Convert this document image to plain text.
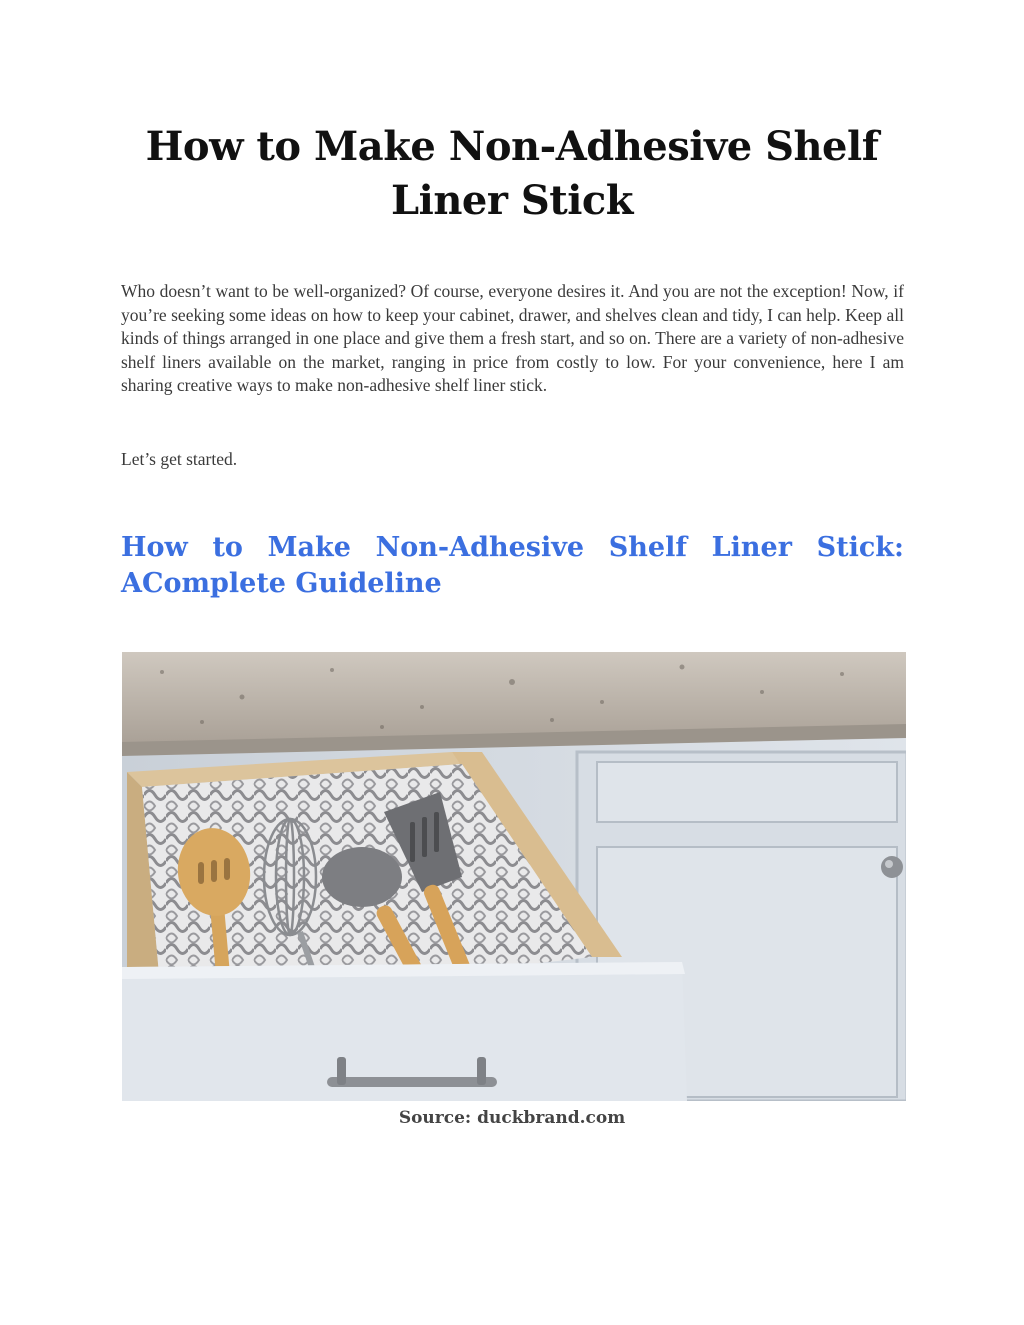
How to Make Non-Adhesive Shelf Liner Stick

Who doesn’t want to be well-organized? Of course, everyone desires it. And you are not the exception! Now, if you’re seeking some ideas on how to keep your cabinet, drawer, and shelves clean and tidy, I can help. Keep all kinds of things arranged in one place and give them a fresh start, and so on. There are a variety of non-adhesive shelf liners available on the market, ranging in price from costly to low. For your convenience, here I am sharing creative ways to make non-adhesive shelf liner stick.

Let’s get started.

How to Make Non-Adhesive Shelf Liner Stick: AComplete Guideline

Source: duckbrand.com
